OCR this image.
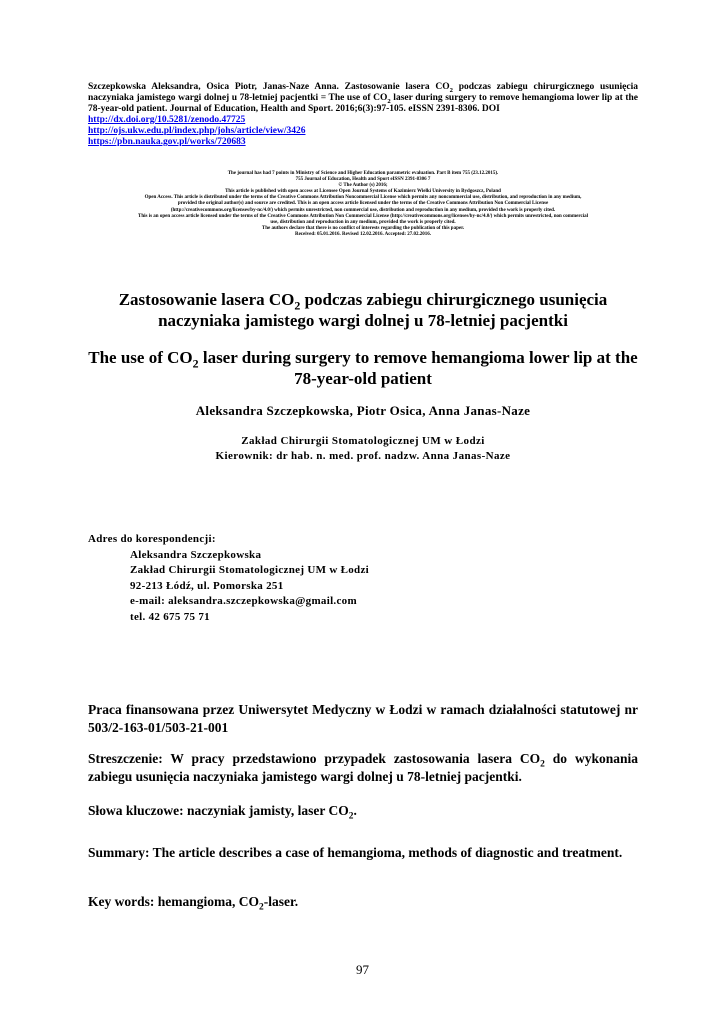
Szczepkowska Aleksandra, Osica Piotr, Janas-Naze Anna. Zastosowanie lasera $CO_2$ podczas zabiegu chirurgicznego usunięcia naczyniaka jamistego wargi dolnej u 78-letniej pacjentki = The use of $CO_2$ laser during surgery to remove hemangioma lower lip at the 78-year-old patient. Journal of Education, Health and Sport. 2016;6(3):97-105. eISSN 2391-8306. DOI
http://dx.doi.org/10.5281/zenodo.47725
http://ojs.ukw.edu.pl/index.php/johs/article/view/3426
https://pbn.nauka.gov.pl/works/720683
The journal has had 7 points in Ministry of Science and Higher Education parametric evaluation. Part B item 755 (23.12.2015).
755 Journal of Education, Health and Sport eISSN 2391-8306 7
© The Author (s) 2016;
This article is published with open access at Licensee Open Journal Systems of Kazimierz Wielki University in Bydgoszcz, Poland
Open Access. This article is distributed under the terms of the Creative Commons Attribution Noncommercial License which permits any noncommercial use, distribution, and reproduction in any medium,
provided the original author(s) and source are credited. This is an open access article licensed under the terms of the Creative Commons Attribution Non Commercial License
(http://creativecommons.org/licenses/by-nc/4.0/) which permits unrestricted, non commercial use, distribution and reproduction in any medium, provided the work is properly cited.
This is an open access article licensed under the terms of the Creative Commons Attribution Non Commercial License (http://creativecommons.org/licenses/by-nc/4.0/) which permits unrestricted, non commercial
use, distribution and reproduction in any medium, provided the work is properly cited.
The authors declare that there is no conflict of interests regarding the publication of this paper.
Received: 05.01.2016. Revised 12.02.2016. Accepted: 27.02.2016.
Zastosowanie lasera $CO_2$ podczas zabiegu chirurgicznego usunięcia naczyniaka jamistego wargi dolnej u 78-letniej pacjentki
The use of $CO_2$ laser during surgery to remove hemangioma lower lip at the 78-year-old patient
Aleksandra Szczepkowska, Piotr Osica, Anna Janas-Naze
Zakład Chirurgii Stomatologicznej UM w Łodzi
Kierownik: dr hab. n. med. prof. nadzw. Anna Janas-Naze
Adres do korespondencji:
Aleksandra Szczepkowska
Zakład Chirurgii Stomatologicznej UM w Łodzi
92-213 Łódź, ul. Pomorska 251
e-mail: aleksandra.szczepkowska@gmail.com
tel. 42 675 75 71
Praca finansowana przez Uniwersytet Medyczny w Łodzi w ramach działalności statutowej nr 503/2-163-01/503-21-001
Streszczenie: W pracy przedstawiono przypadek zastosowania lasera $CO_2$ do wykonania zabiegu usunięcia naczyniaka jamistego wargi dolnej u 78-letniej pacjentki.
Słowa kluczowe: naczyniak jamisty, laser $CO_2$.
Summary: The article describes a case of hemangioma, methods of diagnostic and treatment.
Key words: hemangioma, $CO_2$-laser.
97
